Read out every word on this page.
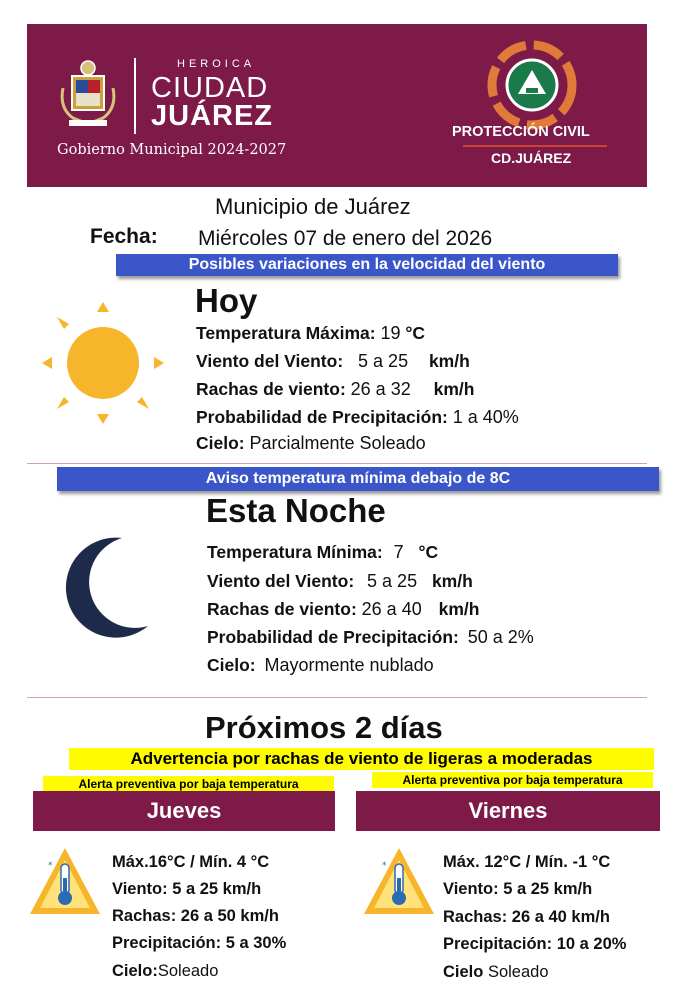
HEROICA
CIUDAD
JUÁREZ
Gobierno Municipal 2024-2027
PROTECCIÓN CIVIL
CD.JUÁREZ
Municipio de Juárez
Fecha: Miércoles 07 de enero del 2026
Posibles variaciones en la velocidad del viento
Hoy
Temperatura Máxima: 19 °C
Viento del Viento: 5 a 25 km/h
Rachas de viento: 26 a 32 km/h
Probabilidad de Precipitación: 1 a 40%
Cielo: Parcialmente Soleado
Aviso temperatura mínima debajo de 8C
Esta Noche
Temperatura Mínima: 7 °C
Viento del Viento: 5 a 25 km/h
Rachas de viento: 26 a 40 km/h
Probabilidad de Precipitación: 50 a 2%
Cielo: Mayormente nublado
Próximos 2 días
Advertencia por rachas de viento de ligeras a moderadas
Alerta preventiva por baja temperatura	Alerta preventiva por baja temperatura
Jueves	Viernes
*	Máx.16°C / Mín. 4 °C
Viento: 5 a 25 km/h
Rachas: 26 a 50 km/h
Precipitación: 5 a 30%
Cielo:Soleado
*	Máx. 12°C / Mín. -1 °C
Viento: 5 a 25 km/h
Rachas: 26 a 40 km/h
Precipitación: 10 a 20%
Cielo Soleado
